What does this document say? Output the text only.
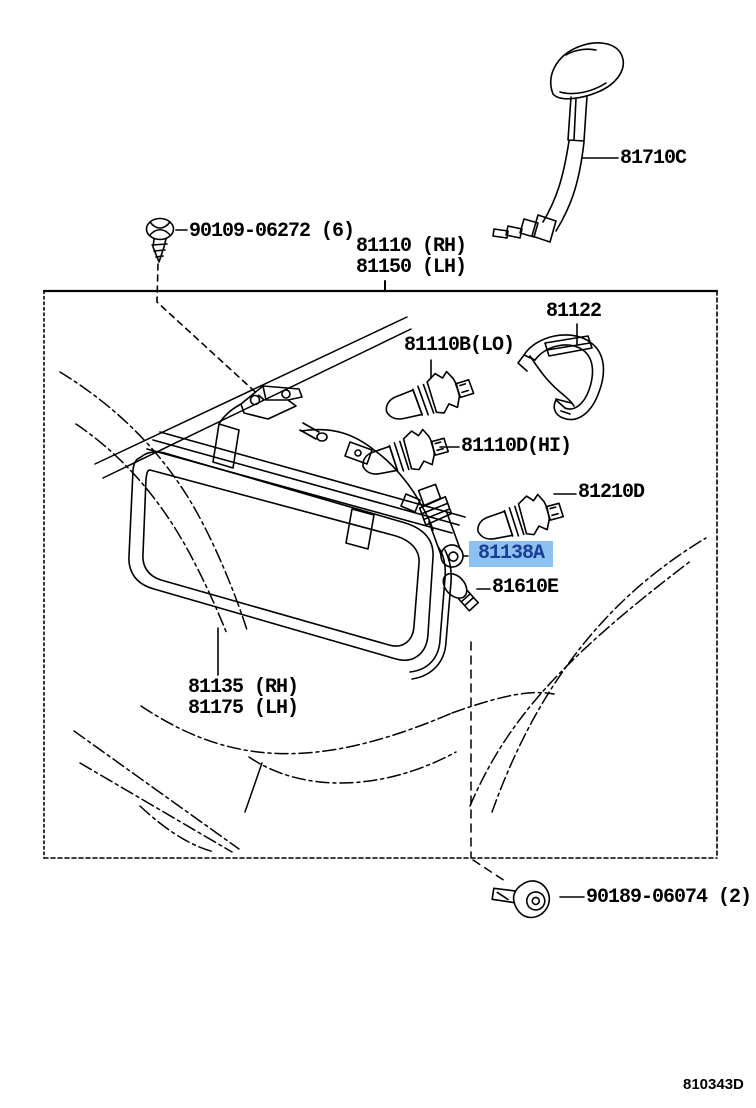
90109-06272 (6)
81110 (RH)
81150 (LH)
81710C
81122
81110B(LO)
81110D(HI)
81210D
81138A
81610E
81135 (RH)
81175 (LH)
90189-06074 (2)
810343D
